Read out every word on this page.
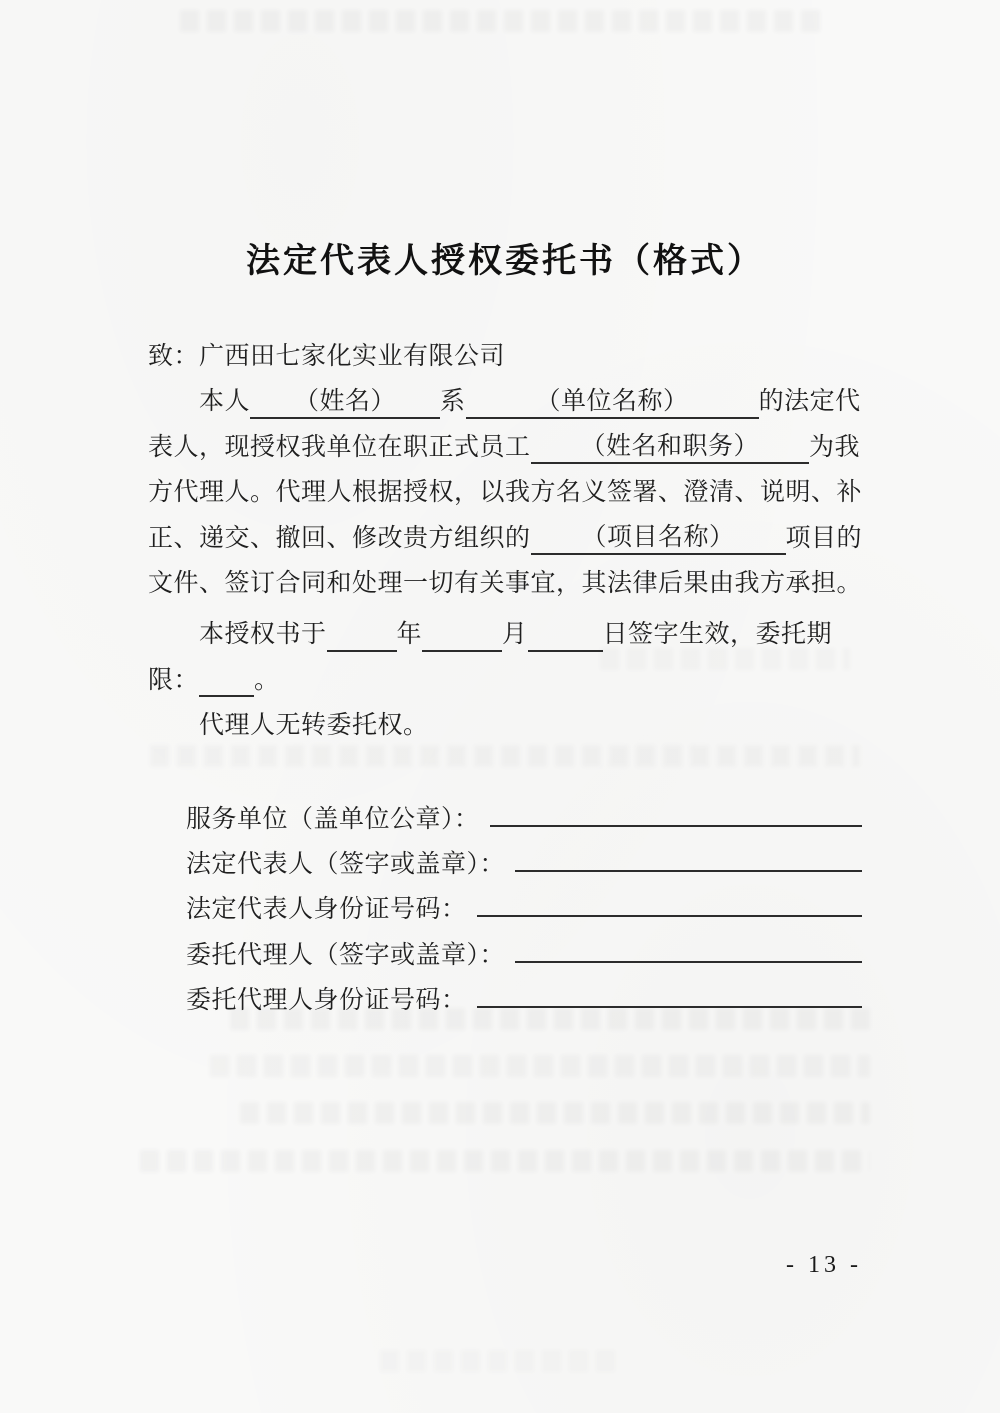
法定代表人授权委托书（格式）
致：广西田七家化实业有限公司
本人 （姓名） 系	（单位名称）	的法定代
表人，现授权我单位在职正式员工 （姓名和职务） 为我
方代理人。代理人根据授权，以我方名义签署、澄清、说明、补
正、递交、撤回、修改贵方组织的 （项目名称） 项目的
文件、签订合同和处理一切有关事宜，其法律后果由我方承担。
本授权书于	年	月	日签字生效，委托期
限： 。
代理人无转委托权。
服务单位（盖单位公章）：
法定代表人（签字或盖章）：
法定代表人身份证号码：
委托代理人（签字或盖章）：
委托代理人身份证号码：
- 13 -
